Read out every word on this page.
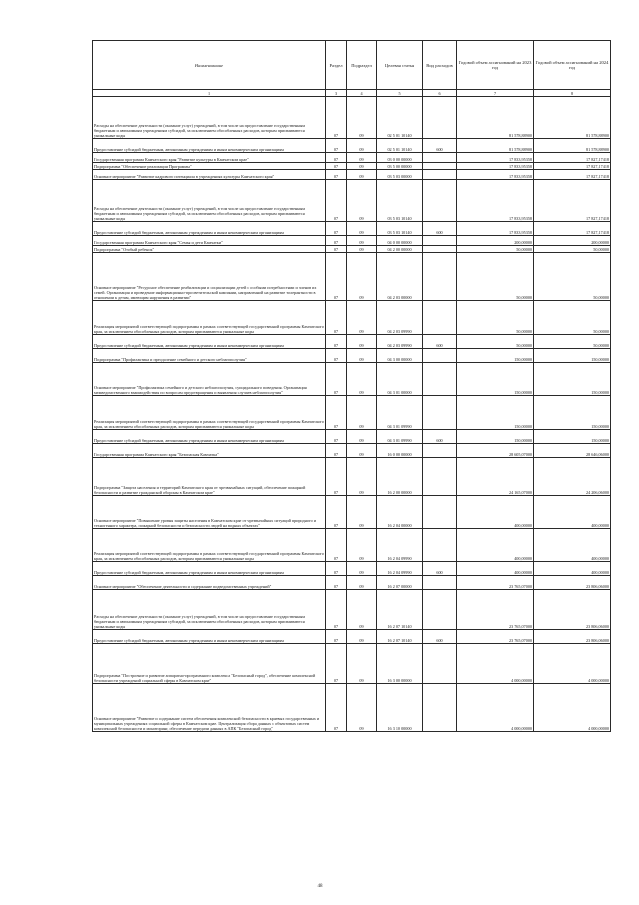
Наименование	Раздел	Подраздел	Целевая статья	Вид расходов	Годовой объем ассигнований на 2023 год	Годовой объем ассигнований на 2024 год
1	3	4	5	6	7	8
Расходы на обеспечение деятельности (оказание услуг) учреждений, в том числе на предоставление государственным бюджетным и автономным учреждениям субсидий, за исключением обособленных расходов, которым присваиваются уникальные коды	07	09	02 5 01 10140		81 578,88900	81 578,88900
Предоставление субсидий бюджетным, автономным учреждениям и иным некоммерческим организациям	07	09	02 5 01 10140	600	81 578,88900	81 578,88900
Государственная программа Камчатского края "Развитие культуры в Камчатском крае"	07	09	03 0 00 00000		17 833,95358	17 827,17418
Подпрограмма "Обеспечение реализации Программы"	07	09	03 5 00 00000		17 833,95358	17 827,17418
Основное мероприятие "Развитие кадрового потенциала в учреждениях культуры Камчатского края"	07	09	03 5 03 00000		17 833,95358	17 827,17418
Расходы на обеспечение деятельности (оказание услуг) учреждений, в том числе на предоставление государственным бюджетным и автономным учреждениям субсидий, за исключением обособленных расходов, которым присваиваются уникальные коды	07	09	03 5 03 10140		17 833,95358	17 827,17418
Предоставление субсидий бюджетным, автономным учреждениям и иным некоммерческим организациям	07	09	03 5 03 10140	600	17 833,95358	17 827,17418
Государственная программа Камчатского края "Семья и дети Камчатки"	07	09	04 0 00 00000		200,00000	200,00000
Подпрограмма "Отобый ребенок"	07	09	04 2 00 00000		50,00000	50,00000
Основное мероприятие "Ресурсное обеспечение реабилитации и социализации детей с особыми потребностями и членов их семей. Организация и проведение информационно-просветительской кампании, направленной на развитие толерантности в отношении к детям, имеющим нарушения в развитии"	07	09	04 2 03 00000		50,00000	50,00000
Реализация мероприятий соответствующей подпрограммы в рамках соответствующей государственной программы Камчатского края, за исключением обособленных расходов, которым присваиваются уникальные коды	07	09	04 2 03 09990		50,00000	50,00000
Предоставление субсидий бюджетным, автономным учреждениям и иным некоммерческим организациям	07	09	04 2 03 09990	600	50,00000	50,00000
Подпрограмма "Профилактика и преодоление семейного и детского неблагополучия"	07	09	04 3 00 00000		150,00000	150,00000
Основное мероприятие "Профилактика семейного и детского неблагополучия, суицидального поведения. Организация межведомственного взаимодействия по вопросам предотвращения и выявления случаев неблагополучия"	07	09	04 3 01 00000		150,00000	150,00000
Реализация мероприятий соответствующей подпрограммы в рамках соответствующей государственной программы Камчатского края, за исключением обособленных расходов, которым присваиваются уникальные коды	07	09	04 3 01 09990		150,00000	150,00000
Предоставление субсидий бюджетным, автономным учреждениям и иным некоммерческим организациям	07	09	04 3 01 09990	600	150,00000	150,00000
Государственная программа Камчатского края "Безопасная Камчатка"	07	09	16 0 00 00000		28 605,07000	28 646,06000
Подпрограмма "Защита населения и территорий Камчатского края от чрезвычайных ситуаций, обеспечение пожарной безопасности и развитие гражданской обороны в Камчатском крае"	07	09	16 2 00 00000		24 165,07000	24 206,06000
Основное мероприятие "Повышение уровня защиты населения в Камчатском крае от чрезвычайных ситуаций природного и техногенного характера, пожарной безопасности и безопасности людей на водных объектах"	07	09	16 2 04 00000		400,00000	400,00000
Реализация мероприятий соответствующей подпрограммы в рамках соответствующей государственной программы Камчатского края, за исключением обособленных расходов, которым присваиваются уникальные коды	07	09	16 2 04 09990		400,00000	400,00000
Предоставление субсидий бюджетным, автономным учреждениям и иным некоммерческим организациям	07	09	16 2 04 09990	600	400,00000	400,00000
Основное мероприятие "Обеспечение деятельности и содержание подведомственных учреждений"	07	09	16 2 07 00000		23 765,07000	23 806,06000
Расходы на обеспечение деятельности (оказание услуг) учреждений, в том числе на предоставление государственным бюджетным и автономным учреждениям субсидий, за исключением обособленных расходов, которым присваиваются уникальные коды	07	09	16 2 07 10140		23 765,07000	23 806,06000
Предоставление субсидий бюджетным, автономным учреждениям и иным некоммерческим организациям	07	09	16 2 07 10140	600	23 765,07000	23 806,06000
Подпрограмма "Построение и развитие аппаратно-программного комплекса "Безопасный город", обеспечение комплексной безопасности учреждений социальной сферы в Камчатском крае"	07	09	16 3 00 00000		4 000,00000	4 000,00000
Основное мероприятие "Развитие и содержание систем обеспечения комплексной безопасности в краевых государственных и муниципальных учреждениях социальной сферы в Камчатском крае. Централизация сбора данных с объектовых систем комплексной безопасности и мониторинг, обеспечение передачи данных в АПК "Безопасный город"	07	09	16 3 10 00000		4 000,00000	4 000,00000
48
